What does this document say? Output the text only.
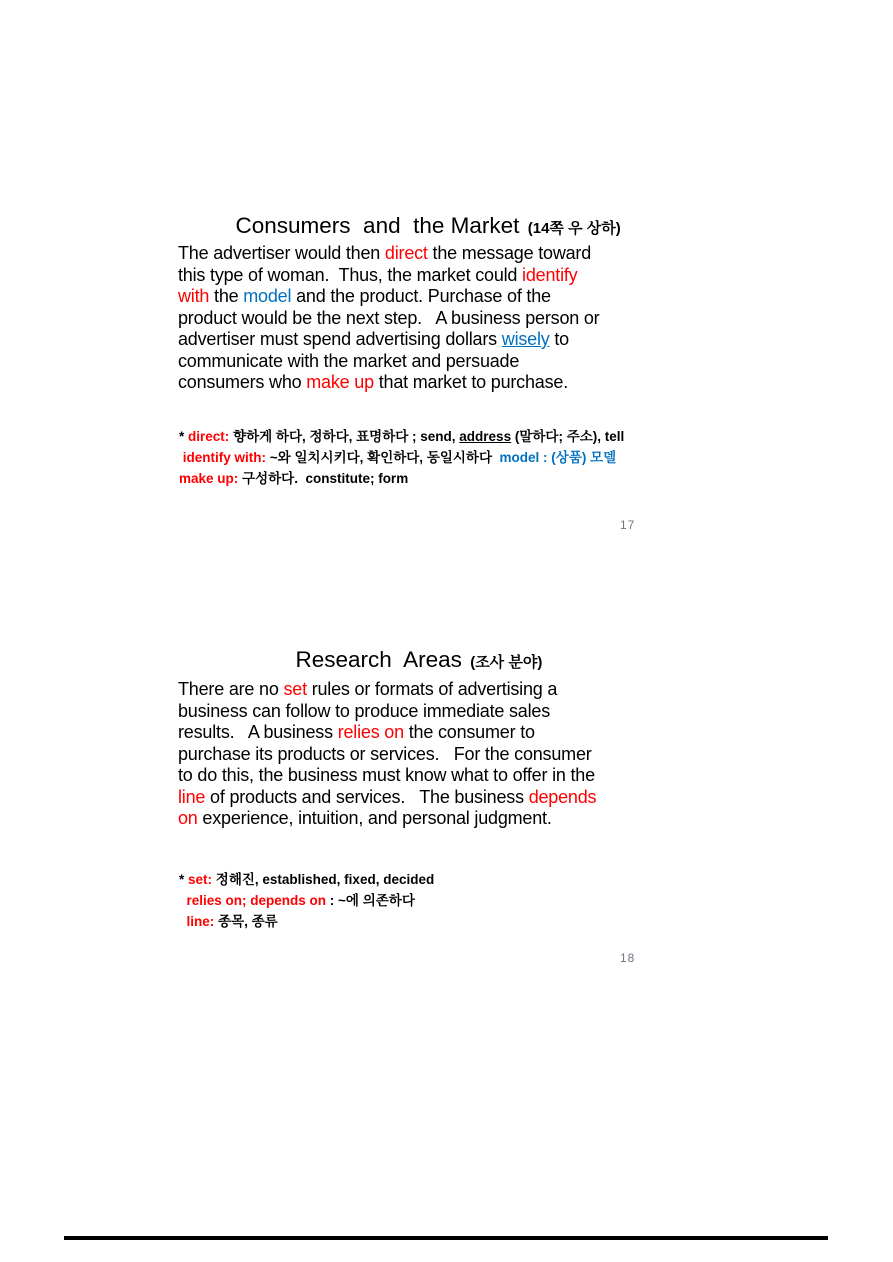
Consumers  and  the Market  (14쪽 우 상하)

The advertiser would then direct the message toward
this type of woman.  Thus, the market could identify
with the model and the product. Purchase of the
product would be the next step.   A business person or
advertiser must spend advertising dollars wisely to
communicate with the market and persuade
consumers who make up that market to purchase.
* direct: 향하게 하다, 정하다, 표명하다 ; send, address (말하다; 주소), tell
identify with: ~와 일치시키다, 확인하다, 동일시하다  model : (상품) 모델
make up: 구성하다.  constitute; form
17

Research  Areas  (조사 분야)

There are no set rules or formats of advertising a
business can follow to produce immediate sales
results.   A business relies on the consumer to
purchase its products or services.   For the consumer
to do this, the business must know what to offer in the
line of products and services.   The business depends
on experience, intuition, and personal judgment.
* set: 정해진, established, fixed, decided
relies on; depends on : ~에 의존하다
line: 종목, 종류
18
